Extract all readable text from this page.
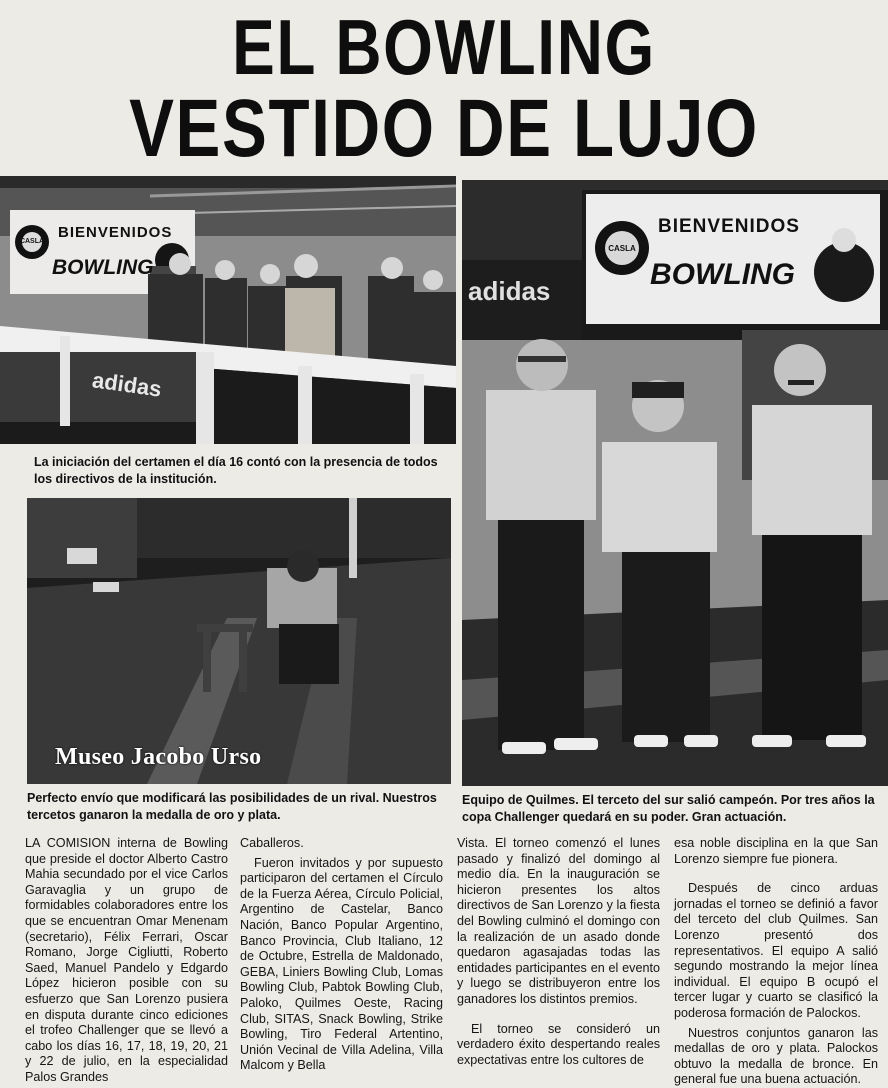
EL BOWLING
VESTIDO DE LUJO
CASLA
BIENVENIDOS
BOWLING
adidas
CASLA
BIENVENIDOS
BOWLING
adidas
La iniciación del certamen el día 16 contó con la presencia de todos los directivos de la institución.
Museo Jacobo Urso
Perfecto envío que modificará las posibilidades de un rival. Nuestros tercetos ganaron la medalla de oro y plata.
Equipo de Quilmes. El terceto del sur salió campeón. Por tres años la copa Challenger quedará en su poder. Gran actuación.

LA COMISION interna de Bowling que preside el doctor Alberto Castro Mahia secundado por el vice Carlos Garavaglia y un grupo de formidables colaboradores entre los que se encuentran Omar Menenam (secretario), Félix Ferrari, Oscar Romano, Jorge Cigliutti, Roberto Saed, Manuel Pandelo y Edgardo López hicieron posible con su esfuerzo que San Lorenzo pusiera en disputa durante cinco ediciones el trofeo Challenger que se llevó a cabo los días 16, 17, 18, 19, 20, 21 y 22 de julio, en la especialidad Palos Grandes

Caballeros.

Fueron invitados y por supuesto participaron del certamen el Círculo de la Fuerza Aérea, Círculo Policial, Argentino de Castelar, Banco Nación, Banco Popular Argentino, Banco Provincia, Club Italiano, 12 de Octubre, Estrella de Maldonado, GEBA, Liniers Bowling Club, Lomas Bowling Club, Pabtok Bowling Club, Paloko, Quilmes Oeste, Racing Club, SITAS, Snack Bowling, Strike Bowling, Tiro Federal Artentino, Unión Vecinal de Villa Adelina, Villa Malcom y Bella

Vista. El torneo comenzó el lunes pasado y finalizó del domingo al medio día. En la inauguración se hicieron presentes los altos directivos de San Lorenzo y la fiesta del Bowling culminó el domingo con la realización de un asado donde quedaron agasajadas todas las entidades participantes en el evento y luego se distribuyeron entre los ganadores los distintos premios.

El torneo se consideró un verdadero éxito despertando reales expectativas entre los cultores de

esa noble disciplina en la que San Lorenzo siempre fue pionera.

Después de cinco arduas jornadas el torneo se definió a favor del terceto del club Quilmes. San Lorenzo presentó dos representativos. El equipo A salió segundo mostrando la mejor línea individual. El equipo B ocupó el tercer lugar y cuarto se clasificó la poderosa formación de Palockos.

Nuestros conjuntos ganaron las medallas de oro y plata. Palockos obtuvo la medalla de bronce. En general fue una buena actuación.
